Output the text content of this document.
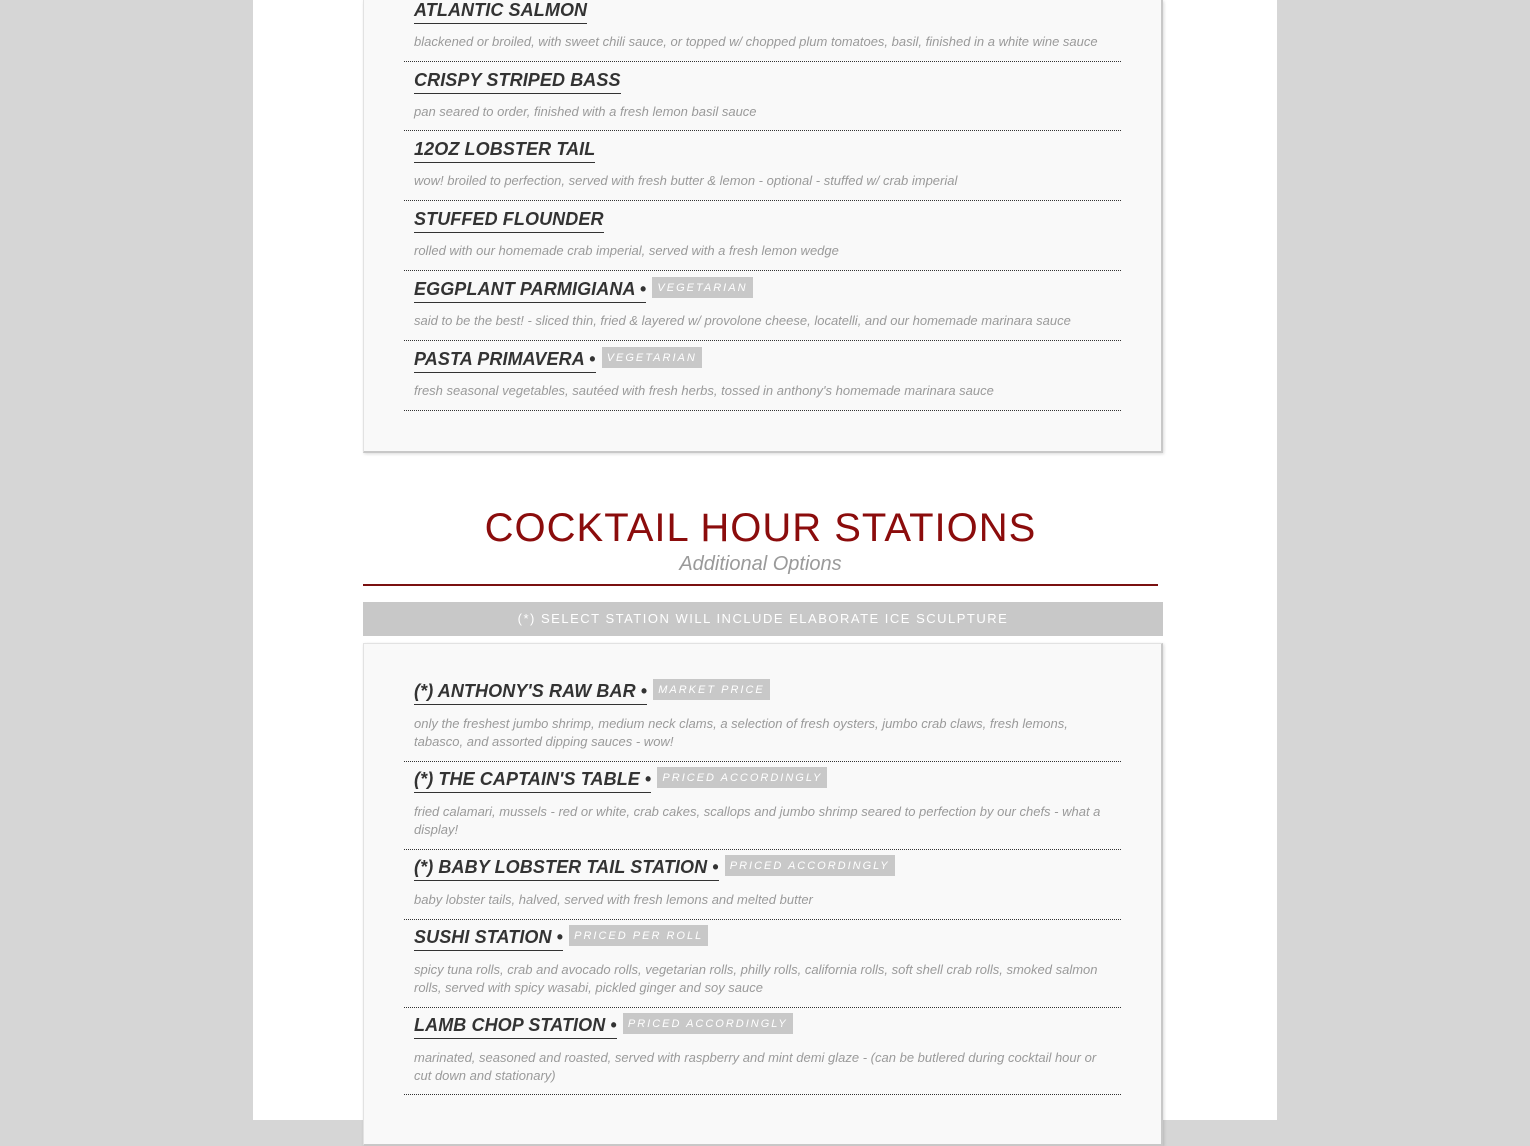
ATLANTIC SALMON
blackened or broiled, with sweet chili sauce, or topped w/ chopped plum tomatoes, basil, finished in a white wine sauce
CRISPY STRIPED BASS
pan seared to order, finished with a fresh lemon basil sauce
12OZ LOBSTER TAIL
wow! broiled to perfection, served with fresh butter & lemon - optional - stuffed w/ crab imperial
STUFFED FLOUNDER
rolled with our homemade crab imperial, served with a fresh lemon wedge
EGGPLANT PARMIGIANA • VEGETARIAN
said to be the best! - sliced thin, fried & layered w/ provolone cheese, locatelli, and our homemade marinara sauce
PASTA PRIMAVERA • VEGETARIAN
fresh seasonal vegetables, sautéed with fresh herbs, tossed in anthony's homemade marinara sauce
COCKTAIL HOUR STATIONS
Additional Options
(*) SELECT STATION WILL INCLUDE ELABORATE ICE SCULPTURE
(*) ANTHONY'S RAW BAR • MARKET PRICE
only the freshest jumbo shrimp, medium neck clams, a selection of fresh oysters, jumbo crab claws, fresh lemons, tabasco, and assorted dipping sauces - wow!
(*) THE CAPTAIN'S TABLE • PRICED ACCORDINGLY
fried calamari, mussels - red or white, crab cakes, scallops and jumbo shrimp seared to perfection by our chefs - what a display!
(*) BABY LOBSTER TAIL STATION • PRICED ACCORDINGLY
baby lobster tails, halved, served with fresh lemons and melted butter
SUSHI STATION • PRICED PER ROLL
spicy tuna rolls, crab and avocado rolls, vegetarian rolls, philly rolls, california rolls, soft shell crab rolls, smoked salmon rolls, served with spicy wasabi, pickled ginger and soy sauce
LAMB CHOP STATION • PRICED ACCORDINGLY
marinated, seasoned and roasted, served with raspberry and mint demi glaze - (can be butlered during cocktail hour or cut down and stationary)
